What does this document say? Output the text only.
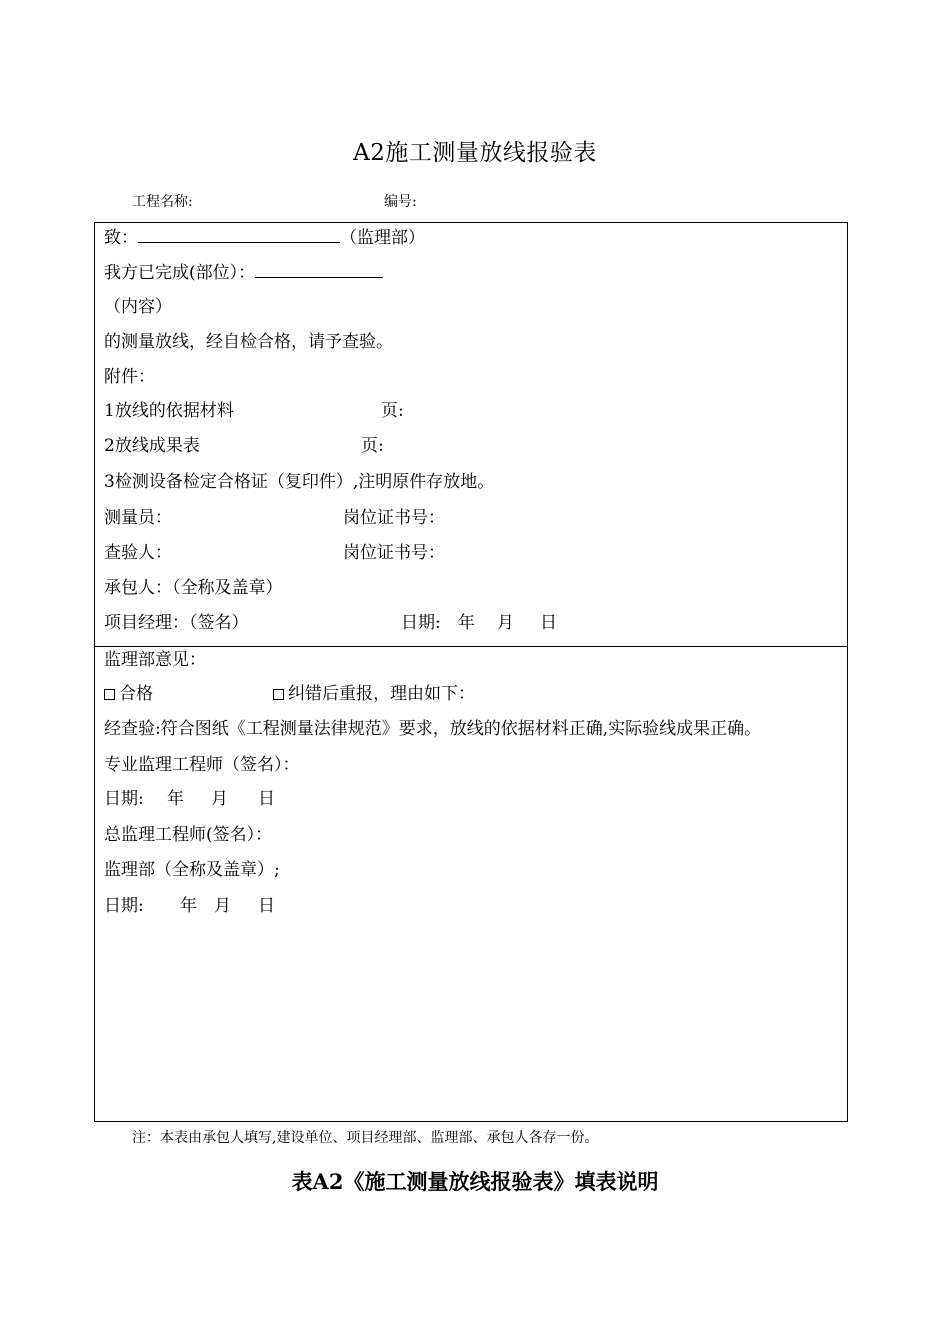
A2施工测量放线报验表
工程名称:	编号:
致：	（监理部）
我方已完成(部位）：
（内容）
的测量放线，经自检合格，请予查验。
附件：
1放线的依据材料	页:
2放线成果表	页:
3检测设备检定合格证（复印件）,注明原件存放地。
测量员：	岗位证书号：
查验人：	岗位证书号：
承包人：（全称及盖章）
项目经理：（签名）	日期: 年 月 日
监理部意见：
合格	纠错后重报，理由如下：
经查验:符合图纸《工程测量法律规范》要求，放线的依据材料正确,实际验线成果正确。
专业监理工程师（签名）：
日期: 年 月 日
总监理工程师(签名）：
监理部（全称及盖章）;
日期: 年 月 日
注：本表由承包人填写,建设单位、项目经理部、监理部、承包人各存一份。
表A2《施工测量放线报验表》填表说明
